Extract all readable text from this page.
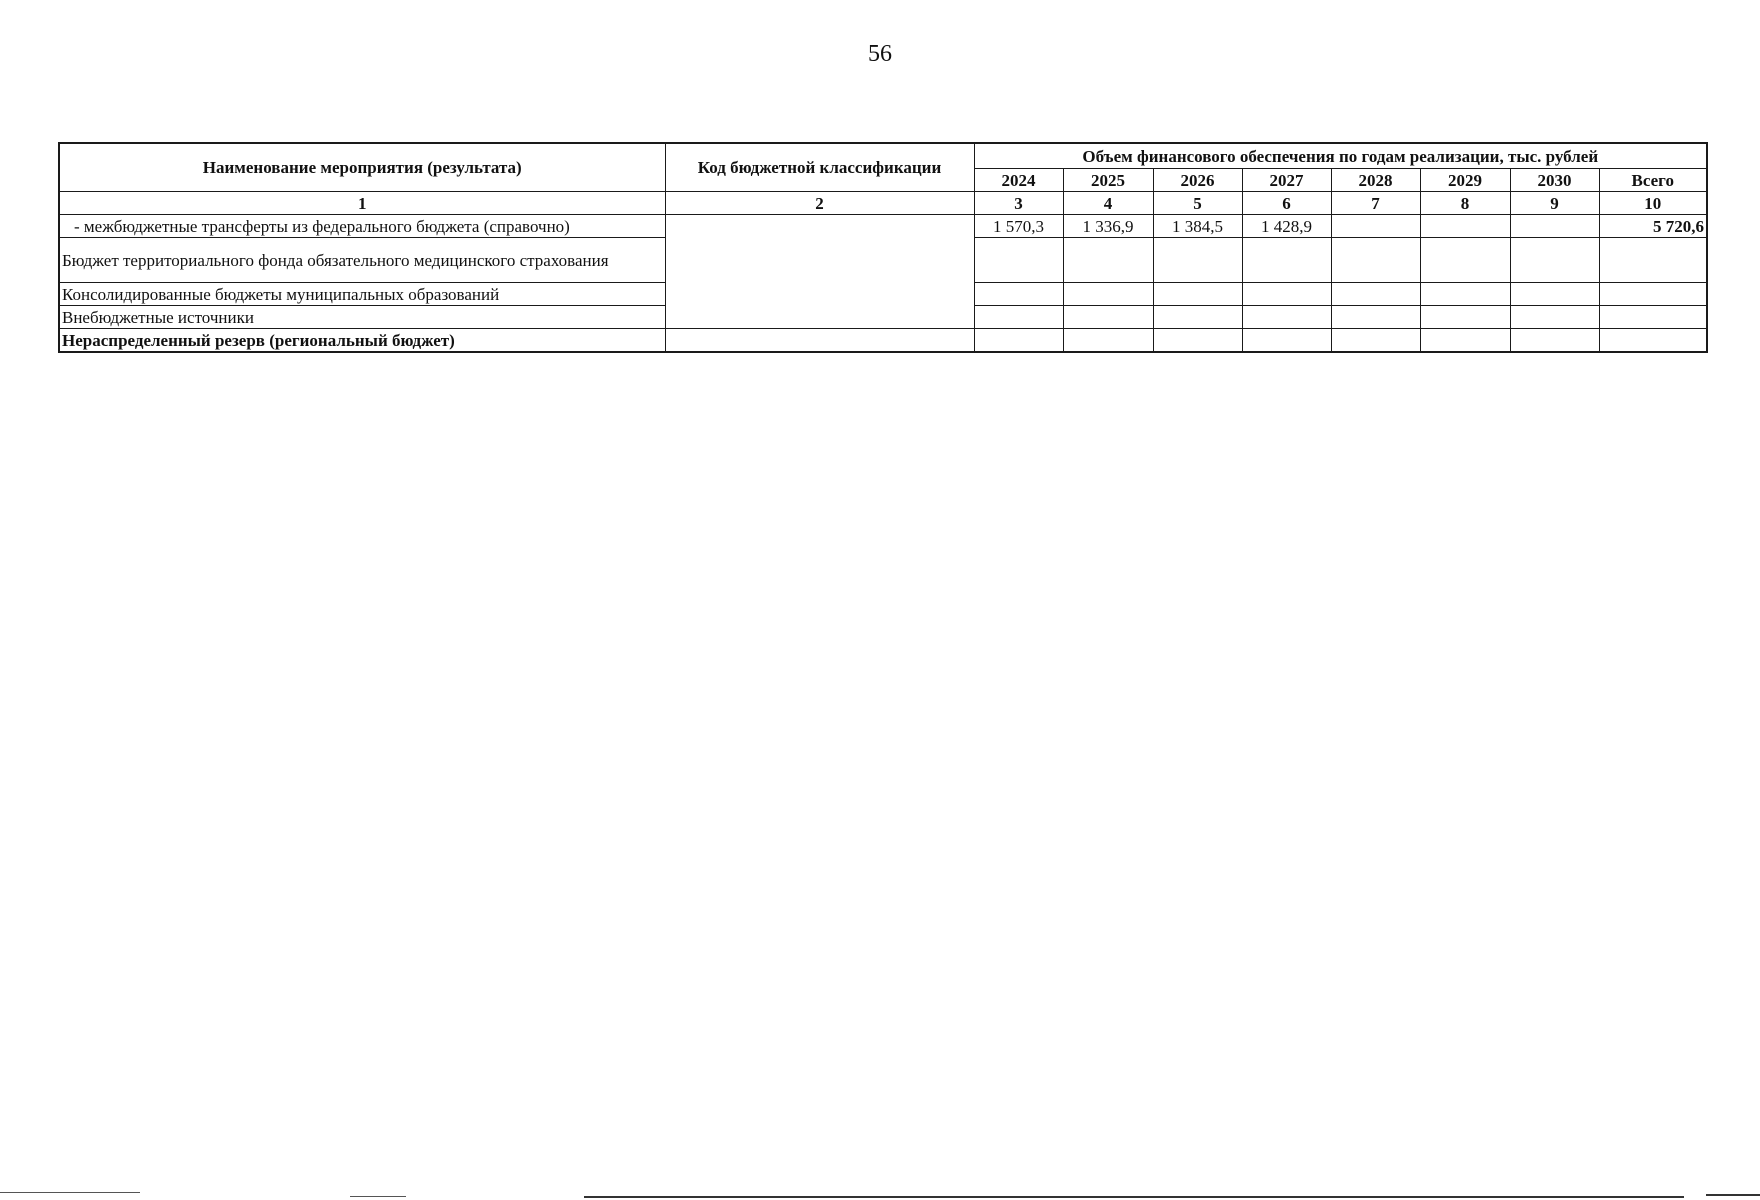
56
Наименование мероприятия (результата)	Код бюджетной классификации	Объем финансового обеспечения по годам реализации, тыс. рублей							
		2024	2025	2026	2027	2028	2029	2030	Всего
1	2	3	4	5	6	7	8	9	10
- межбюджетные трансферты из федерального бюджета (справочно)		1 570,3	1 336,9	1 384,5	1 428,9				5 720,6
Бюджет территориального фонда обязательного медицинского страхования									
Консолидированные бюджеты муниципальных образований									
Внебюджетные источники									
Нераспределенный резерв (региональный бюджет)									
